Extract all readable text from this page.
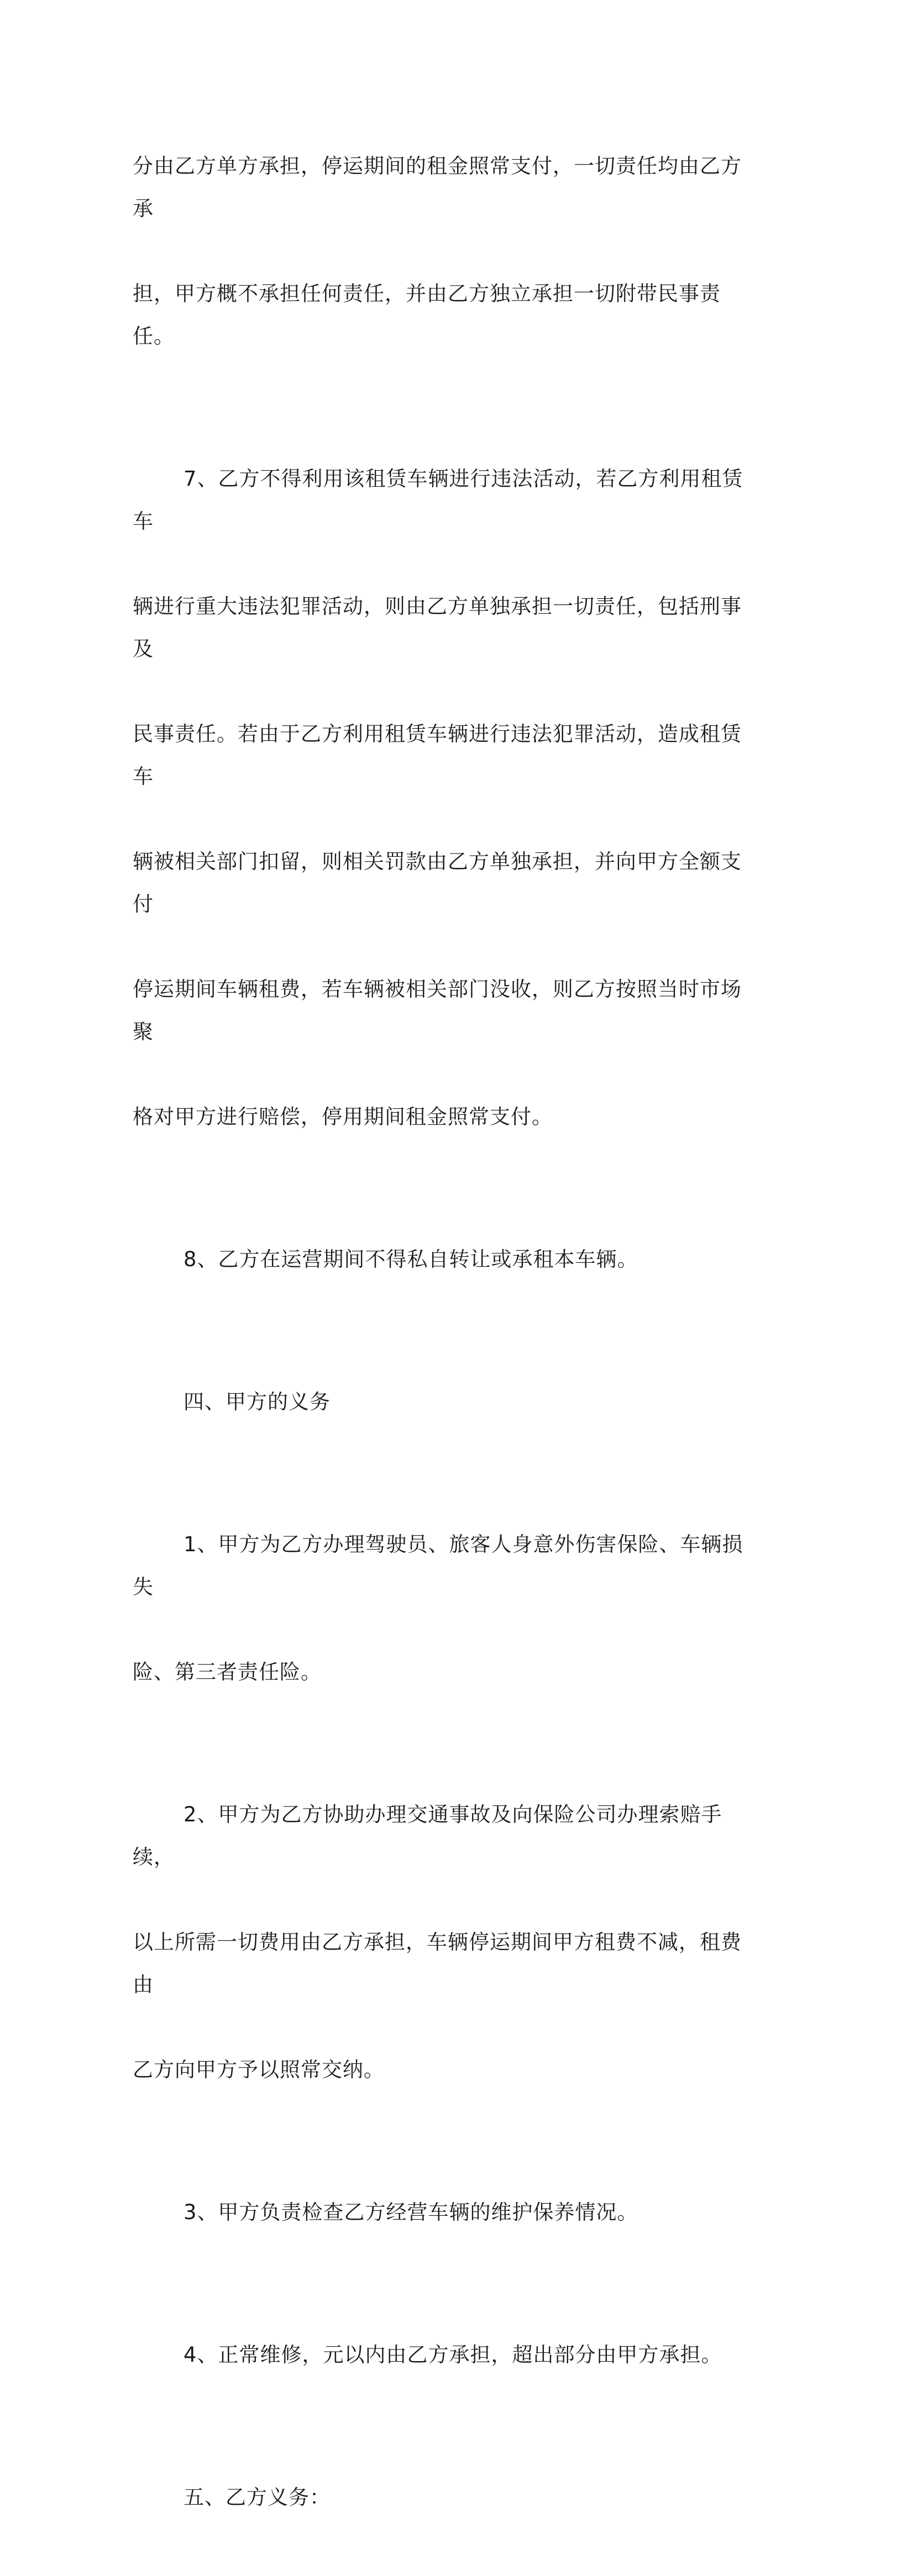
分由乙方单方承担，停运期间的租金照常支付，一切责任均由乙方承

担，甲方概不承担任何责任，并由乙方独立承担一切附带民事责任。

7、乙方不得利用该租赁车辆进行违法活动，若乙方利用租赁车

辆进行重大违法犯罪活动，则由乙方单独承担一切责任，包括刑事及

民事责任。若由于乙方利用租赁车辆进行违法犯罪活动，造成租赁车

辆被相关部门扣留，则相关罚款由乙方单独承担，并向甲方全额支付

停运期间车辆租费，若车辆被相关部门没收，则乙方按照当时市场聚

格对甲方进行赔偿，停用期间租金照常支付。

8、乙方在运营期间不得私自转让或承租本车辆。

四、甲方的义务

1、甲方为乙方办理驾驶员、旅客人身意外伤害保险、车辆损失

险、第三者责任险。

2、甲方为乙方协助办理交通事故及向保险公司办理索赔手续，

以上所需一切费用由乙方承担，车辆停运期间甲方租费不减，租费由

乙方向甲方予以照常交纳。

3、甲方负责检查乙方经营车辆的维护保养情况。

4、正常维修，元以内由乙方承担，超出部分由甲方承担。

五、乙方义务：
